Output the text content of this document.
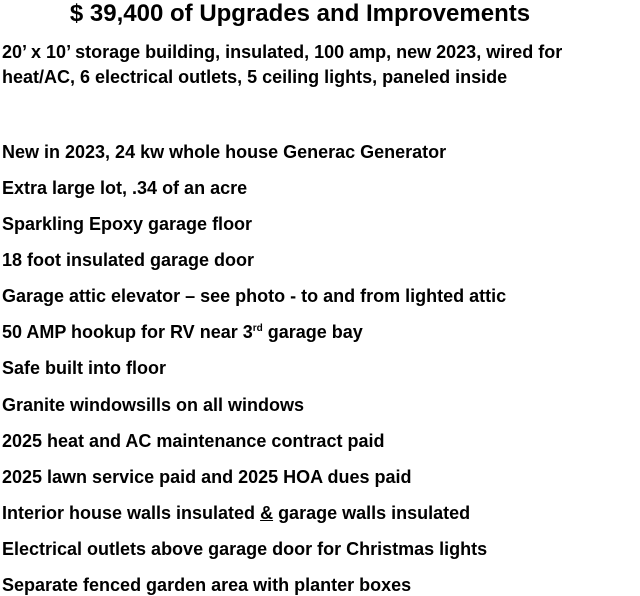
$ 39,400 of Upgrades and Improvements
20’ x 10’ storage building, insulated, 100 amp, new 2023, wired for heat/AC, 6 electrical outlets, 5 ceiling lights, paneled inside
New in 2023, 24 kw whole house Generac Generator
Extra large lot, .34 of an acre
Sparkling Epoxy garage floor
18 foot insulated garage door
Garage attic elevator – see photo - to and from lighted attic
50 AMP hookup for RV near 3rd garage bay
Safe built into floor
Granite windowsills on all windows
2025 heat and AC maintenance contract paid
2025 lawn service paid and 2025 HOA dues paid
Interior house walls insulated & garage walls insulated
Electrical outlets above garage door for Christmas lights
Separate fenced garden area with planter boxes
